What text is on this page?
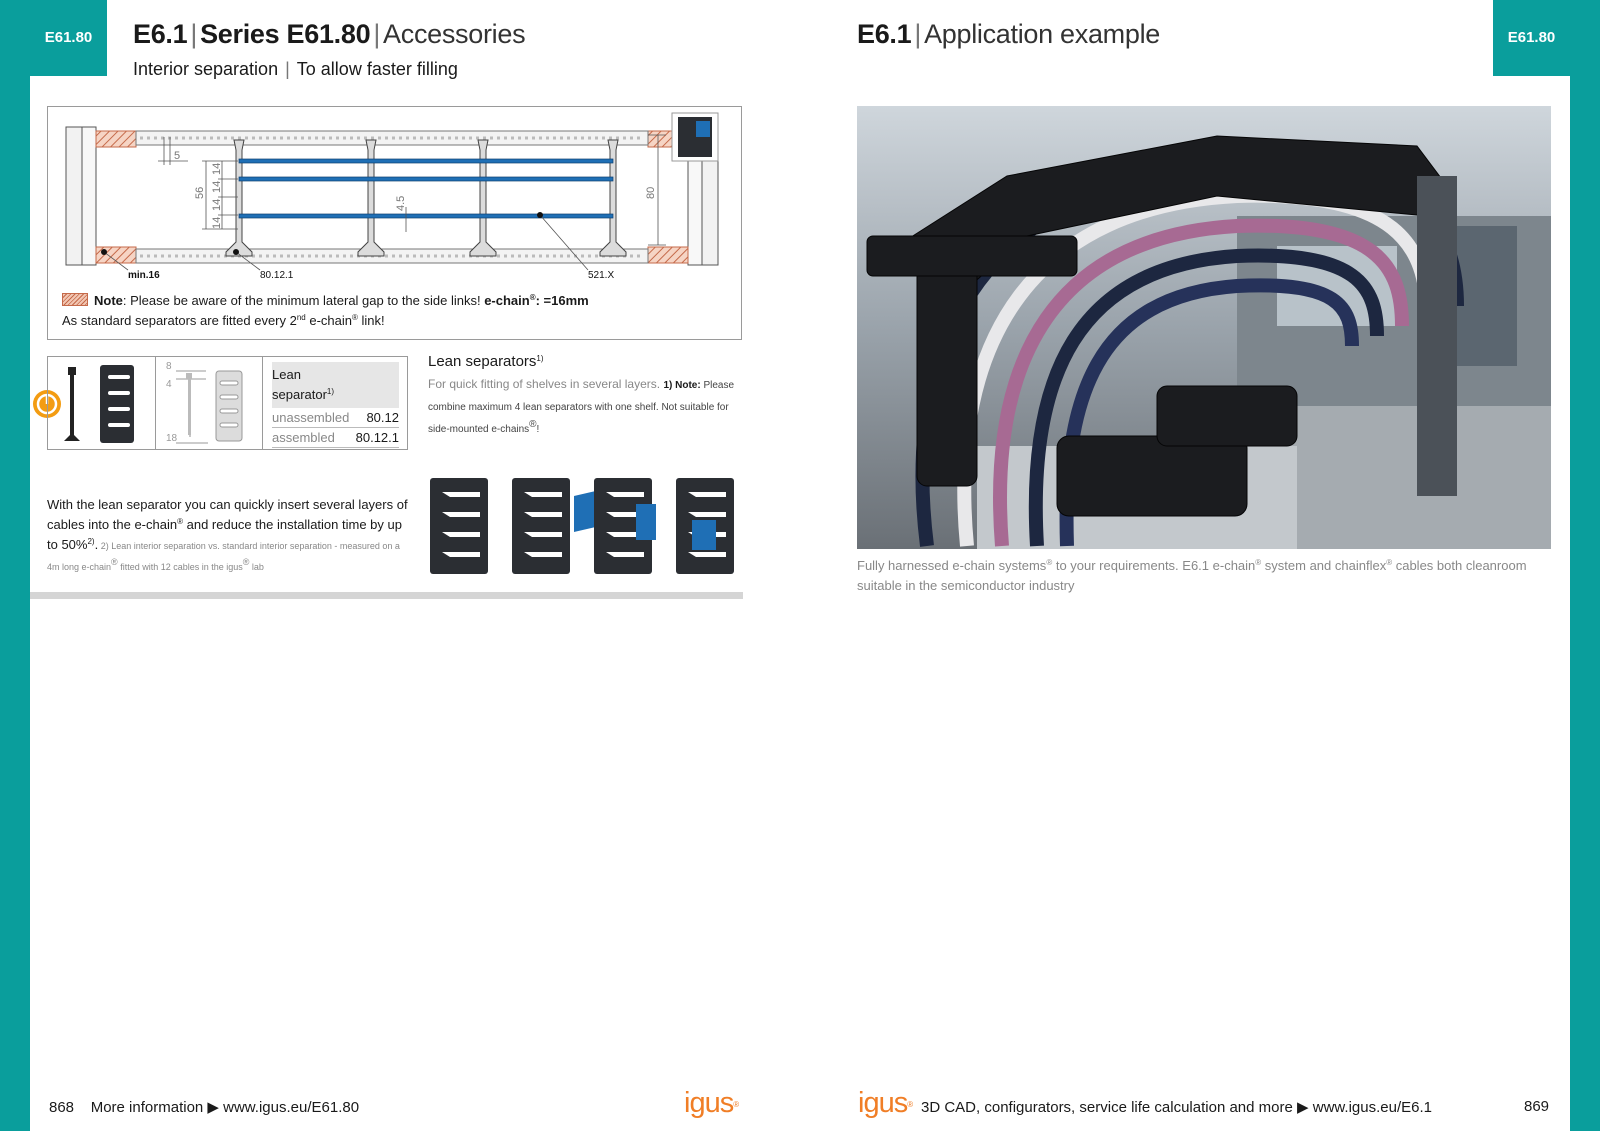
E61.80	E61.80
E6.1 | Series E61.80 | Accessories
Interior separation | To allow faster filling
5
56
14
14
14
14
4.5
80
min.16	80.12.1	521.X
Note: Please be aware of the minimum lateral gap to the side links! e-chain®: =16mm
As standard separators are fitted every 2nd e-chain® link!
8
4
18
Lean
separator$^{1)}$
unassembled 80.12
assembled 80.12.1
Lean separators$^{1)}$
For quick fitting of shelves in several layers. 1) Note: Please combine maximum 4 lean separators with one shelf. Not suitable for side-mounted e-chains®!
With the lean separator you can quickly insert several layers of cables into the e-chain® and reduce the installation time by up to 50%$^{2)}$. 2) Lean interior separation vs. standard interior separation - measured on a 4m long e-chain® fitted with 12 cables in the igus® lab
E6.1 | Application example
Fully harnessed e-chain systems® to your requirements. E6.1 e-chain® system and chainflex® cables both cleanroom suitable in the semiconductor industry
868 More information ▶ www.igus.eu/E61.80	igus®	igus® 3D CAD, configurators, service life calculation and more ▶ www.igus.eu/E6.1	869
